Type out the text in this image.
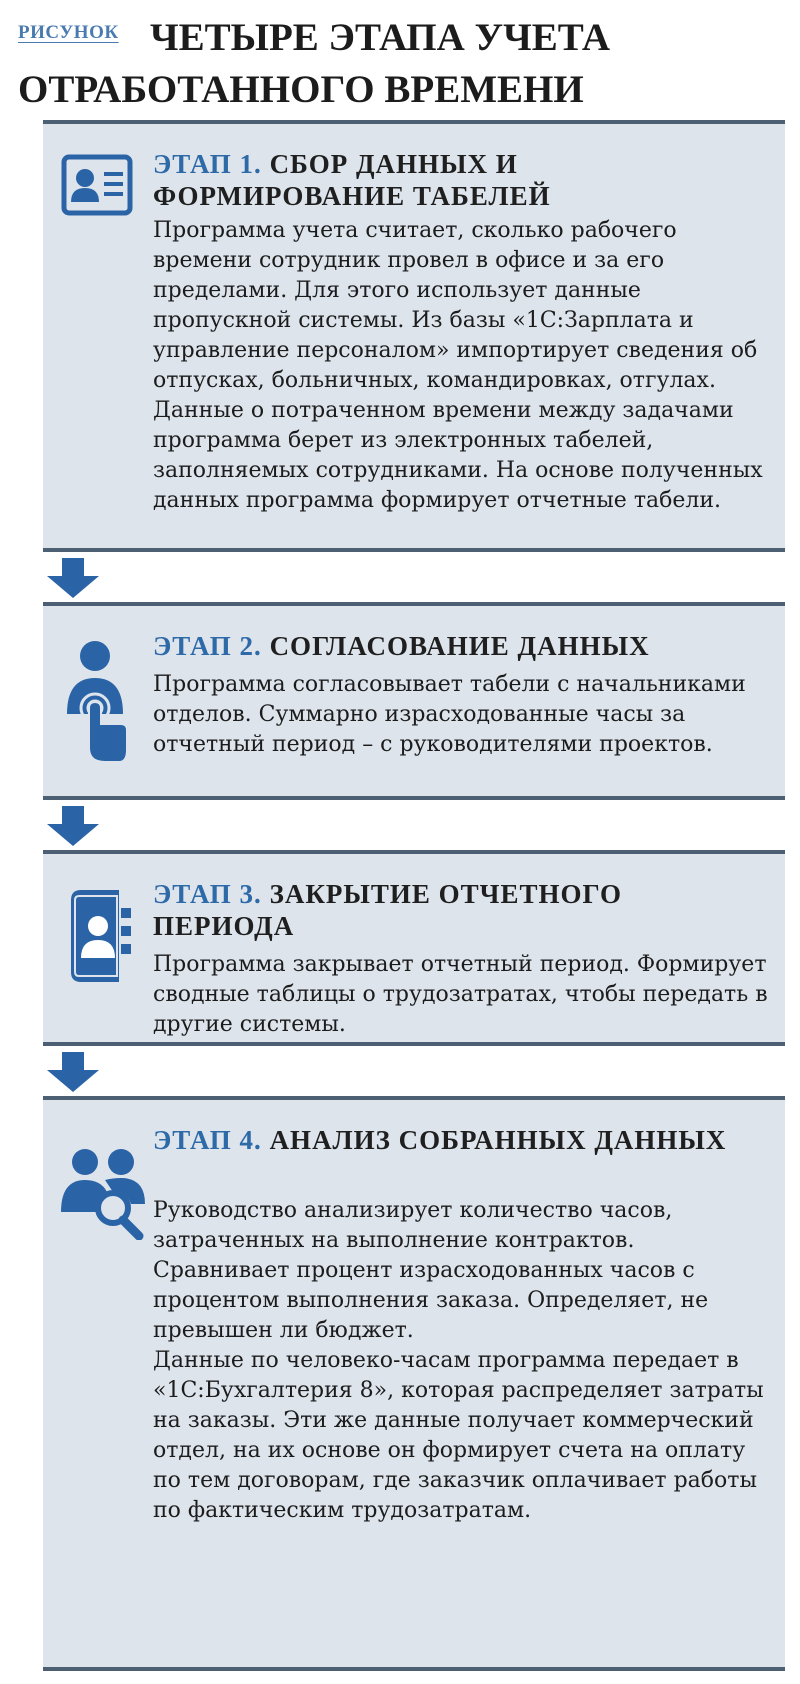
РИСУНОК ЧЕТЫРЕ ЭТАПА УЧЕТА ОТРАБОТАННОГО ВРЕМЕНИ

ЭТАП 1. СБОР ДАННЫХ И ФОРМИРОВАНИЕ ТАБЕЛЕЙ

Программа учета считает, сколько рабочего времени сотрудник провел в офисе и за его пределами. Для этого использует данные пропускной системы. Из базы «1С:Зарплата и управление персоналом» импортирует сведения об отпусках, больничных, командировках, отгулах. Данные о потраченном времени между задачами программа берет из электронных табелей, заполняемых сотрудниками. На основе полученных данных программа формирует отчетные табели.

ЭТАП 2. СОГЛАСОВАНИЕ ДАННЫХ

Программа согласовывает табели с начальниками отделов. Суммарно израсходованные часы за отчетный период – с руководителями проектов.

ЭТАП 3. ЗАКРЫТИЕ ОТЧЕТНОГО ПЕРИОДА

Программа закрывает отчетный период. Формирует сводные таблицы о трудозатратах, чтобы передать в другие системы.

ЭТАП 4. АНАЛИЗ СОБРАННЫХ ДАННЫХ

Руководство анализирует количество часов, затраченных на выполнение контрактов. Сравнивает процент израсходованных часов с процентом выполнения заказа. Определяет, не превышен ли бюджет.

Данные по человеко-часам программа передает в «1С:Бухгалтерия 8», которая распределяет затраты на заказы. Эти же данные получает коммерческий отдел, на их основе он формирует счета на оплату по тем договорам, где заказчик оплачивает работы по фактическим трудозатратам.
